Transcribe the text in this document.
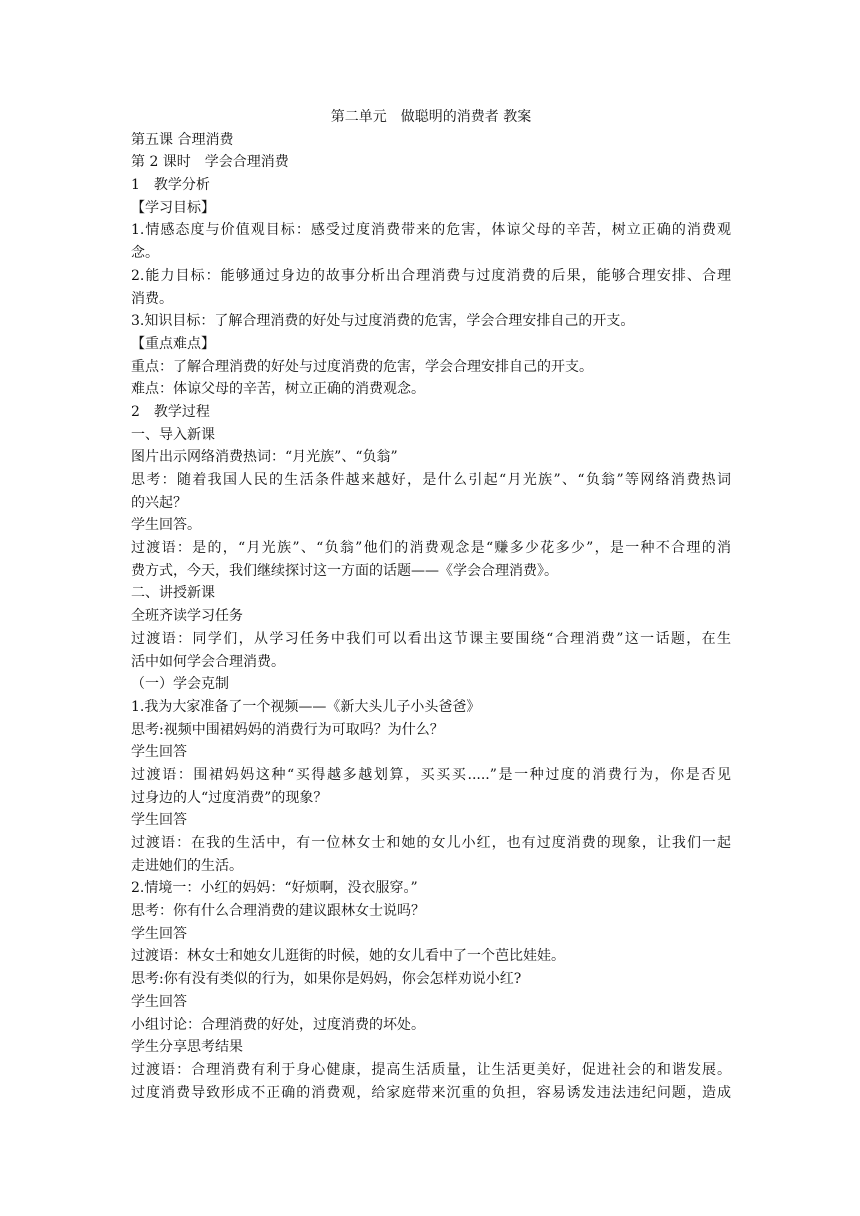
第二单元　做聪明的消费者 教案
第五课 合理消费
第 2 课时　学会合理消费
1　教学分析
【学习目标】
1.情感态度与价值观目标：感受过度消费带来的危害，体谅父母的辛苦，树立正确的消费观
念。
2.能力目标：能够通过身边的故事分析出合理消费与过度消费的后果，能够合理安排、合理
消费。
3.知识目标：了解合理消费的好处与过度消费的危害，学会合理安排自己的开支。
【重点难点】
重点：了解合理消费的好处与过度消费的危害，学会合理安排自己的开支。
难点：体谅父母的辛苦，树立正确的消费观念。
2　教学过程
一、导入新课
图片出示网络消费热词：“月光族”、“负翁”
思考：随着我国人民的生活条件越来越好，是什么引起“月光族”、“负翁”等网络消费热词
的兴起？
学生回答。
过渡语：是的，“月光族”、“负翁”他们的消费观念是“赚多少花多少”，是一种不合理的消
费方式，今天，我们继续探讨这一方面的话题——《学会合理消费》。
二、讲授新课
全班齐读学习任务
过渡语：同学们，从学习任务中我们可以看出这节课主要围绕“合理消费”这一话题，在生
活中如何学会合理消费。
（一）学会克制
1.我为大家准备了一个视频——《新大头儿子小头爸爸》
思考:视频中围裙妈妈的消费行为可取吗？为什么？
学生回答
过渡语：围裙妈妈这种“买得越多越划算，买买买.....”是一种过度的消费行为，你是否见
过身边的人“过度消费”的现象？
学生回答
过渡语：在我的生活中，有一位林女士和她的女儿小红，也有过度消费的现象，让我们一起
走进她们的生活。
2.情境一：小红的妈妈：“好烦啊，没衣服穿。”
思考：你有什么合理消费的建议跟林女士说吗？
学生回答
过渡语：林女士和她女儿逛街的时候，她的女儿看中了一个芭比娃娃。
思考:你有没有类似的行为，如果你是妈妈，你会怎样劝说小红?
学生回答
小组讨论：合理消费的好处，过度消费的坏处。
学生分享思考结果
过渡语：合理消费有利于身心健康，提高生活质量，让生活更美好，促进社会的和谐发展。
过度消费导致形成不正确的消费观，给家庭带来沉重的负担，容易诱发违法违纪问题，造成
